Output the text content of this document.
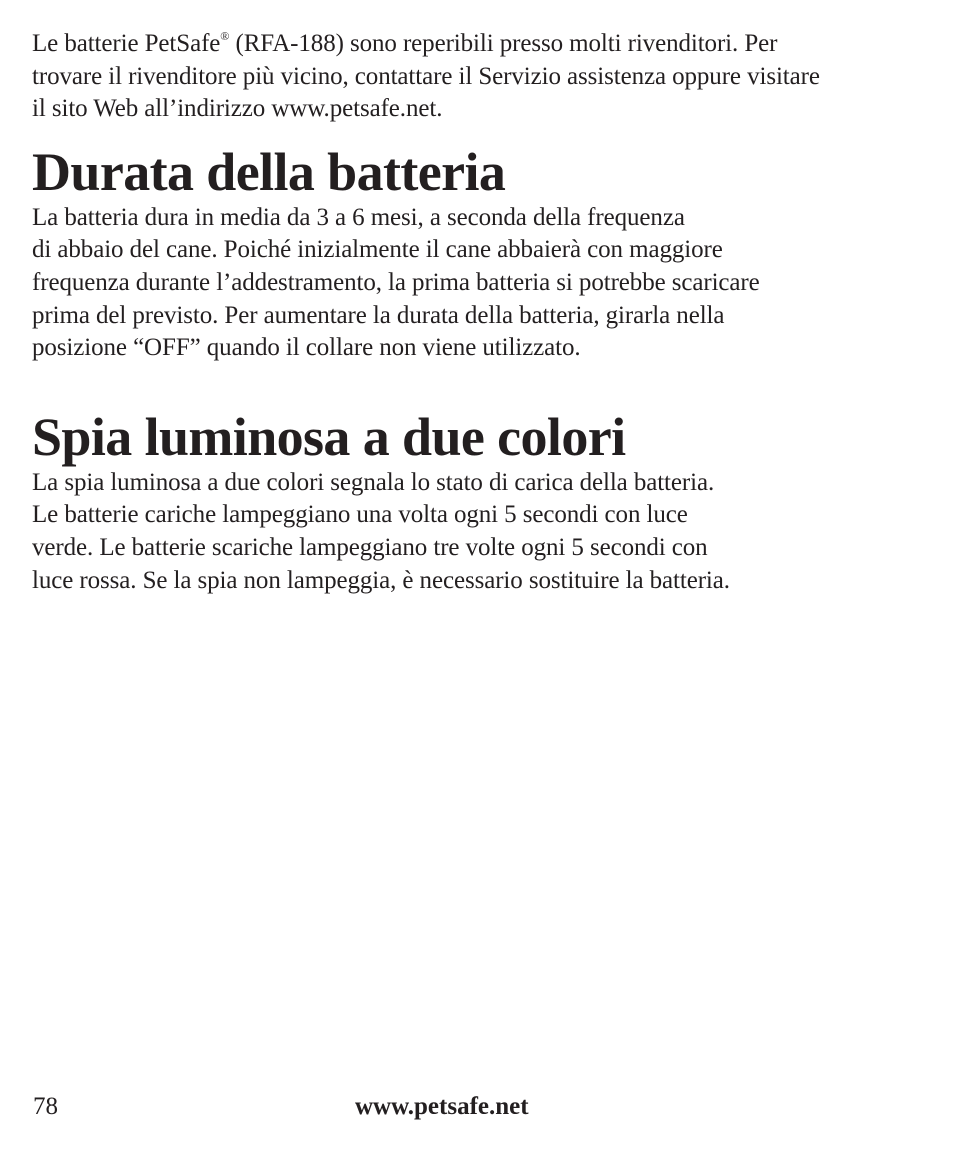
Le batterie PetSafe® (RFA-188) sono reperibili presso molti rivenditori. Per
trovare il rivenditore più vicino, contattare il Servizio assistenza oppure visitare
il sito Web all’indirizzo www.petsafe.net.

Durata della batteria

La batteria dura in media da 3 a 6 mesi, a seconda della frequenza
di abbaio del cane. Poiché inizialmente il cane abbaierà con maggiore
frequenza durante l’addestramento, la prima batteria si potrebbe scaricare
prima del previsto. Per aumentare la durata della batteria, girarla nella
posizione “OFF” quando il collare non viene utilizzato.

Spia luminosa a due colori

La spia luminosa a due colori segnala lo stato di carica della batteria.
Le batterie cariche lampeggiano una volta ogni 5 secondi con luce
verde. Le batterie scariche lampeggiano tre volte ogni 5 secondi con
luce rossa. Se la spia non lampeggia, è necessario sostituire la batteria.

78	www.petsafe.net
